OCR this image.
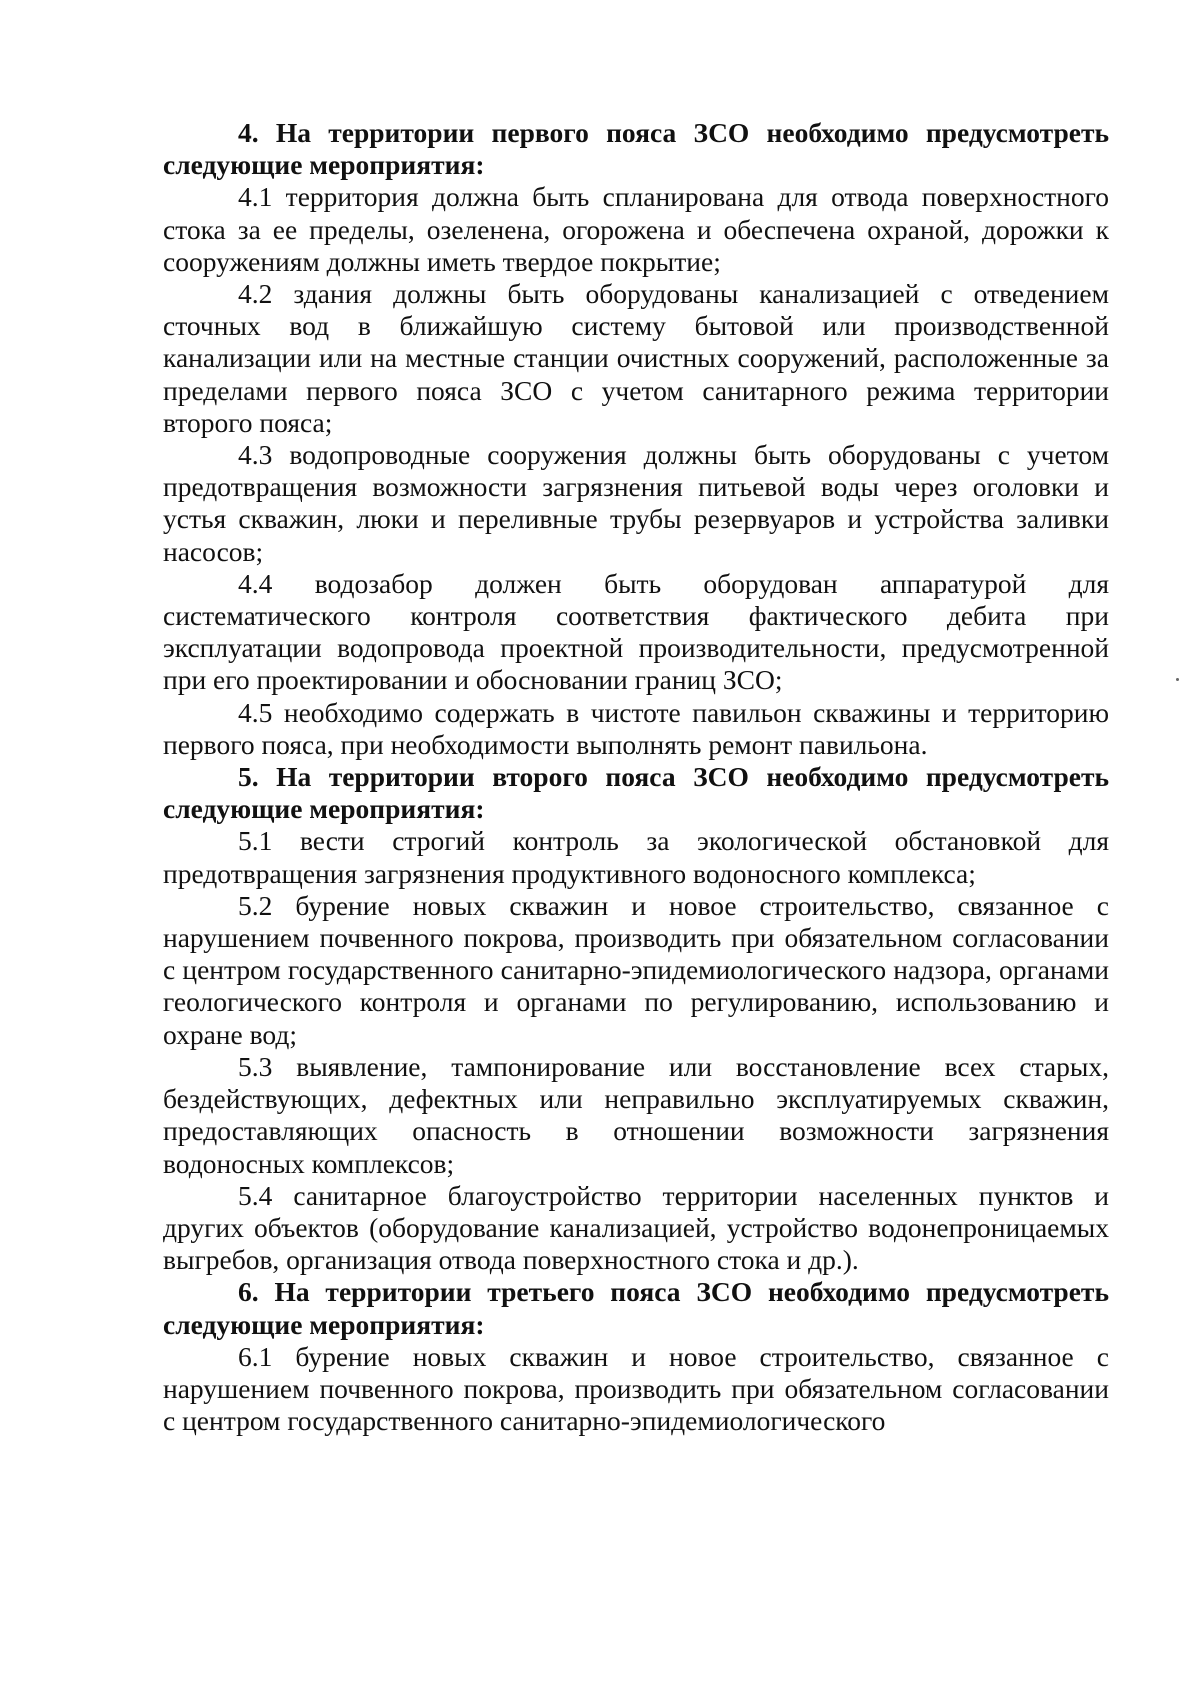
4. На территории первого пояса ЗСО необходимо предусмотреть следующие мероприятия:

4.1 территория должна быть спланирована для отвода поверхностного стока за ее пределы, озеленена, огорожена и обеспечена охраной, дорожки к сооружениям должны иметь твердое покрытие;

4.2 здания должны быть оборудованы канализацией с отведением сточных вод в ближайшую систему бытовой или производственной канализации или на местные станции очистных сооружений, расположенные за пределами первого пояса ЗСО с учетом санитарного режима территории второго пояса;

4.3 водопроводные сооружения должны быть оборудованы с учетом предотвращения возможности загрязнения питьевой воды через оголовки и устья скважин, люки и переливные трубы резервуаров и устройства заливки насосов;

4.4 водозабор должен быть оборудован аппаратурой для систематического контроля соответствия фактического дебита при эксплуатации водопровода проектной производительности, предусмотренной при его проектировании и обосновании границ ЗСО;

4.5 необходимо содержать в чистоте павильон скважины и территорию первого пояса, при необходимости выполнять ремонт павильона.

5. На территории второго пояса ЗСО необходимо предусмотреть следующие мероприятия:

5.1 вести строгий контроль за экологической обстановкой для предотвращения загрязнения продуктивного водоносного комплекса;

5.2 бурение новых скважин и новое строительство, связанное с нарушением почвенного покрова, производить при обязательном согласовании с центром государственного санитарно-эпидемиологического надзора, органами геологического контроля и органами по регулированию, использованию и охране вод;

5.3 выявление, тампонирование или восстановление всех старых, бездействующих, дефектных или неправильно эксплуатируемых скважин, предоставляющих опасность в отношении возможности загрязнения водоносных комплексов;

5.4 санитарное благоустройство территории населенных пунктов и других объектов (оборудование канализацией, устройство водонепроницаемых выгребов, организация отвода поверхностного стока и др.).

6. На территории третьего пояса ЗСО необходимо предусмотреть следующие мероприятия:

6.1 бурение новых скважин и новое строительство, связанное с нарушением почвенного покрова, производить при обязательном согласовании с центром государственного санитарно-эпидемиологического
